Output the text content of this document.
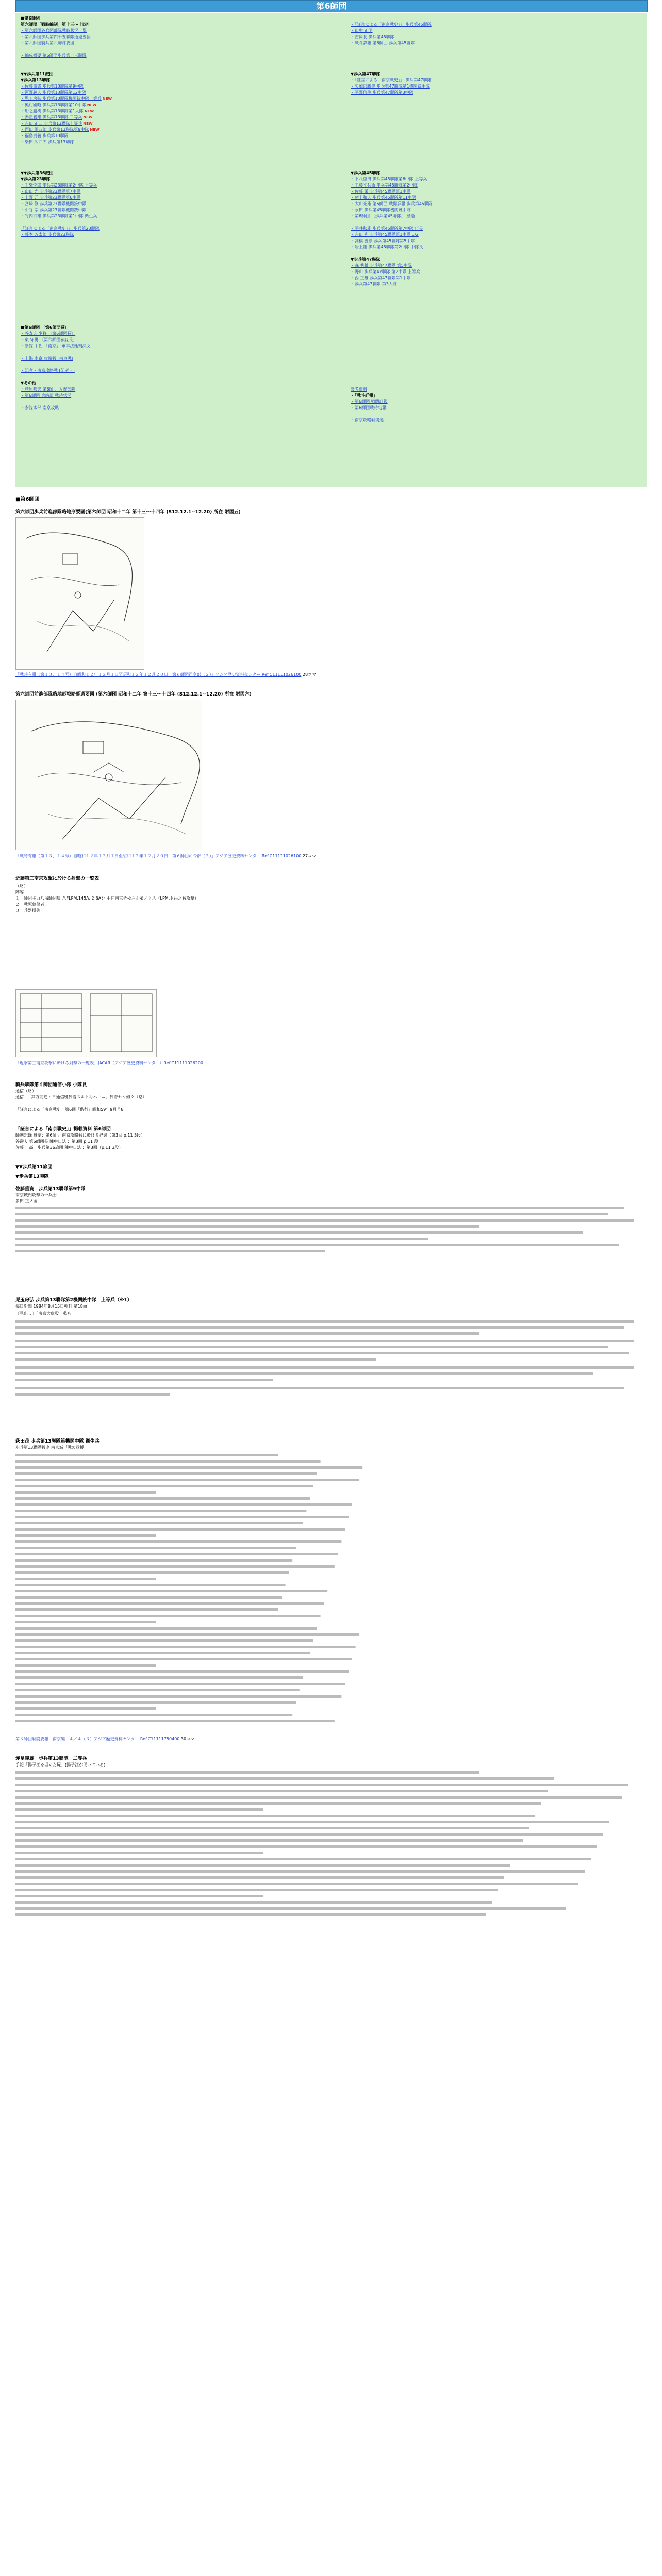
第6師団
■第6師団
第六師団「戦時編制」第十三～十四年
・第六師団各兵団部隊戦時状況一覧
・第六師団歩兵第四十五聯隊通過要図
・第六師団騎兵第六聯隊要図

・編成概要 第6師団歩兵第十三聯隊

▼▼歩兵第11旅団
▼歩兵第13聯隊
・佐藤重資 歩兵第13聯隊第9中隊
・河野義人 歩兵第13聯隊第12中隊
・児玉房弘 歩兵第13聯隊機関銃中隊上等兵 NEW
・奥村國昭 歩兵第13聯隊第10中隊 NEW
・船之船橋 歩兵第13聯隊第1大隊 NEW
・赤星義雄 歩兵第13聯隊 二等兵 NEW
・吉田 正二 歩兵第13聯隊上等兵 NEW
・西田 源四郎 歩兵第13聯隊第9中隊 NEW
・福島貞義 歩兵第13聯隊
・柴田 久四郎 歩兵第13聯隊

▼▼歩兵第36旅団
▼歩兵第23聯隊
・手柴悦郎 歩兵第23聯隊第2中隊 上等兵
・山田 光 歩兵第23聯隊第7中隊
・上野 元 歩兵第23聯隊第6中隊
・宮崎 修 歩兵第23聯隊機関銃中隊
・中谷 宗 歩兵第23聯隊機関銃中隊
・竹内行雄 歩兵第23聯隊第1中隊 衛生兵

「証言による「南京戦史」」 歩兵第23聯隊
・藤本 芳太郎 歩兵第23聯隊

■第6師団 〔第6師団長〕
・谷寿夫 少将 〔第6師団長〕
・東 守男 〔第六師団参謀長〕
・参謀 中佐 「南京」 軍事法廷判決文

・上海 南京 攻略戦 [南京戦]

・記者・南京攻略戦 [記者・]

▼その他
・荻原邦夫 第6師団 大野部隊
・第6師団 兵站部 戦時状況

・参謀本部 南京攻略

・「証言による「南京戦史」」 歩兵第45聯隊
・田中 正明
・吉岡長 歩兵第45聯隊
・戦斗詳報 第6師団 歩兵第45聯隊

▼歩兵第47聯隊
・「証言による「南京戦史」」 歩兵第47聯隊
・矢加部勝美 歩兵第47聯隊第1機関銃中隊
・平野信生 歩兵第47聯隊第3中隊

▼歩兵第45聯隊
・下八重田 歩兵第45聯隊第6中隊 上等兵
・工藤平兵衛 歩兵第45聯隊第2中隊
・佐藤 栄 歩兵第45聯隊第1中隊
・猪上和夫 歩兵第45聯隊第11中隊
・大山光雄 第6師団 戦闘詳報 歩兵第45聯隊
・永田 歩兵第45聯隊機関銃中隊
・第6師団 〔歩兵第45聯隊〕 経過

・平井秋雄 歩兵第45聯隊第7中隊 伍長
・吉田 利 歩兵第45聯隊第1中隊 1/2
・高橋 義彦 歩兵第45聯隊第5中隊
・岩上龍 歩兵第45聯隊第2中隊 中隊長

▼歩兵第47聯隊
・森 秀雄 歩兵第47聯隊 第5中隊
・野山 歩兵第47聯隊 第2中隊 上等兵
・西 正雄 歩兵第47聯隊第1中隊
・歩兵第47聯隊 第3大隊

参考資料
・「戦斗詳報」
・第6師団 戦闘詳報
・第6師団戦時旬報

・南京攻略戦関連
■第6師団
第六師団歩兵前進部隊略地形要圖(第六師団 昭和十二年 第十三～十四年 (S12.12.1~12.20) 所在 附図五)
「戦時有報（第１３、１４号）自昭和１２年１２月１日至昭和１２年１２月２０日　第６師団司令部（２）」アジア歴史資料センター Ref.C11111026100 28コマ
第六師団前進部隊略地形戦略経過要図 (第六師団 昭和十二年 第十三～十四年 (S12.12.1~12.20) 所在 附図六)
「戦時有報（第１３、１４号）自昭和１２年１２月１日至昭和１２年１２月２０日　第６師団司令部（２）」アジア歴史資料センター Ref.C11111026100 27コマ
近藤第三南京攻撃に於ける射撃の一覧表
（略）
陣容
１　師団主力八吊師団属 八FLPM.145A. 2 BAシ 中旬南京チモ左ルモノトス（LPM.ト吊之戦攻撃）
２　戦死負傷者
３　兵器損失
「近撃第三南京攻撃に於ける射撃の一覧表」JACAR（アジア歴史資料センター）Ref.C11111026200
騎兵聯隊第６師団通信小隊 小隊長
通信（略）
通信 ：　其方前途・日通信班到着スルトキハ「ニ」到着セル如ク（略）
「証言による「南京戦史」第6回「偕行」昭和59年9月号8
「証言による「南京戦史」」掲載資料 第6師団
師團記錄 概要：第6師団 南京攻略戦に於ける経過（第3回 p.11 3段）
谷壽夫 第6師団長 陣中日誌 ：第3回 p.11 段
佐藤 ：高　歩兵第36旅団 陣中日誌 ：第3回（p.11 3段）
▼▼歩兵第11旅団
▼歩兵第13聯隊
佐藤重資　歩兵第13聯隊第9中隊
南京城門攻撃の一兵士
多田 正ノ丞
児玉房弘 歩兵第13聯隊第2機関銃中隊　上等兵（※1）
毎日新聞 1984年8月15日朝刊 第18面
〔見出し〕「南京大虐殺」私も
荻田茂 歩兵第13聯隊第機関中隊 衛生兵
歩兵第13聯隊戦史 南京城「戦の救援
第６師団戦闘要報　南京編　４／４（３）アジア歴史資料センター Ref.C11111750400 30コマ
赤星義雄　歩兵第13聯隊　二等兵
手記「揚子江を埋めた屍」[揚子江が哭いている]
